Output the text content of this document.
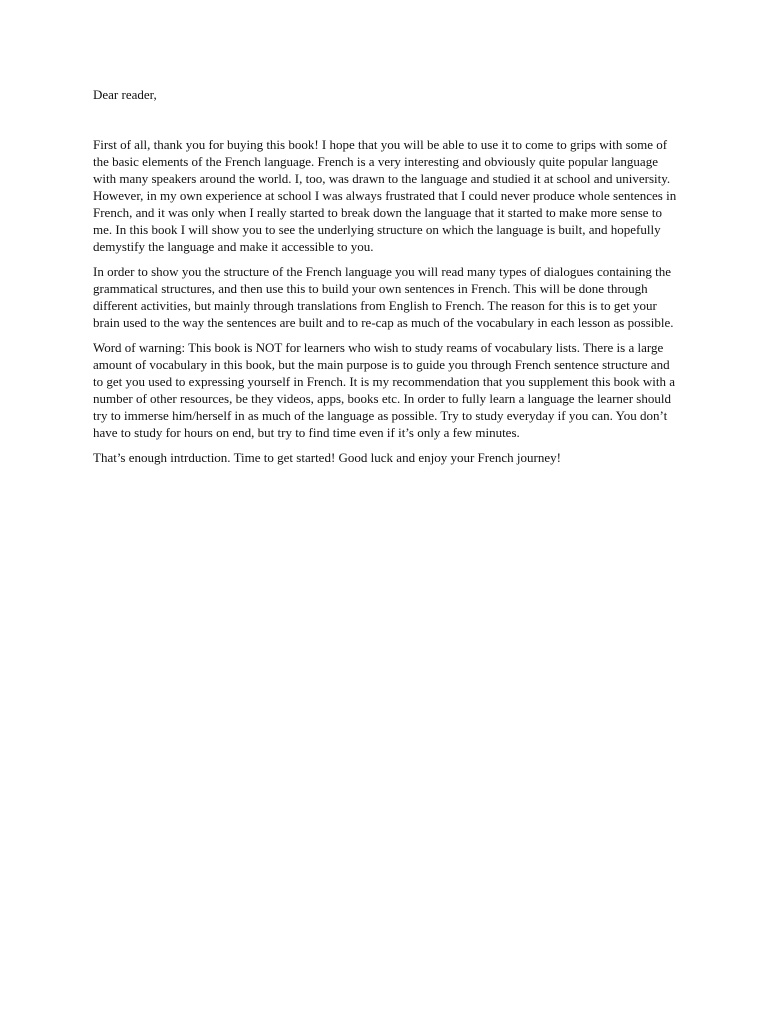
Dear reader,

First of all, thank you for buying this book! I hope that you will be able to use it to come to grips with some of the basic elements of the French language. French is a very interesting and obviously quite popular language with many speakers around the world. I, too, was drawn to the language and studied it at school and university. However, in my own experience at school I was always frustrated that I could never produce whole sentences in French, and it was only when I really started to break down the language that it started to make more sense to me. In this book I will show you to see the underlying structure on which the language is built, and hopefully demystify the language and make it accessible to you.

In order to show you the structure of the French language you will read many types of dialogues containing the grammatical structures, and then use this to build your own sentences in French. This will be done through different activities, but mainly through translations from English to French. The reason for this is to get your brain used to the way the sentences are built and to re-cap as much of the vocabulary in each lesson as possible.

Word of warning: This book is NOT for learners who wish to study reams of vocabulary lists. There is a large amount of vocabulary in this book, but the main purpose is to guide you through French sentence structure and to get you used to expressing yourself in French. It is my recommendation that you supplement this book with a number of other resources, be they videos, apps, books etc. In order to fully learn a language the learner should try to immerse him/herself in as much of the language as possible. Try to study everyday if you can. You don’t have to study for hours on end, but try to find time even if it’s only a few minutes.

That’s enough intrduction. Time to get started! Good luck and enjoy your French journey!
